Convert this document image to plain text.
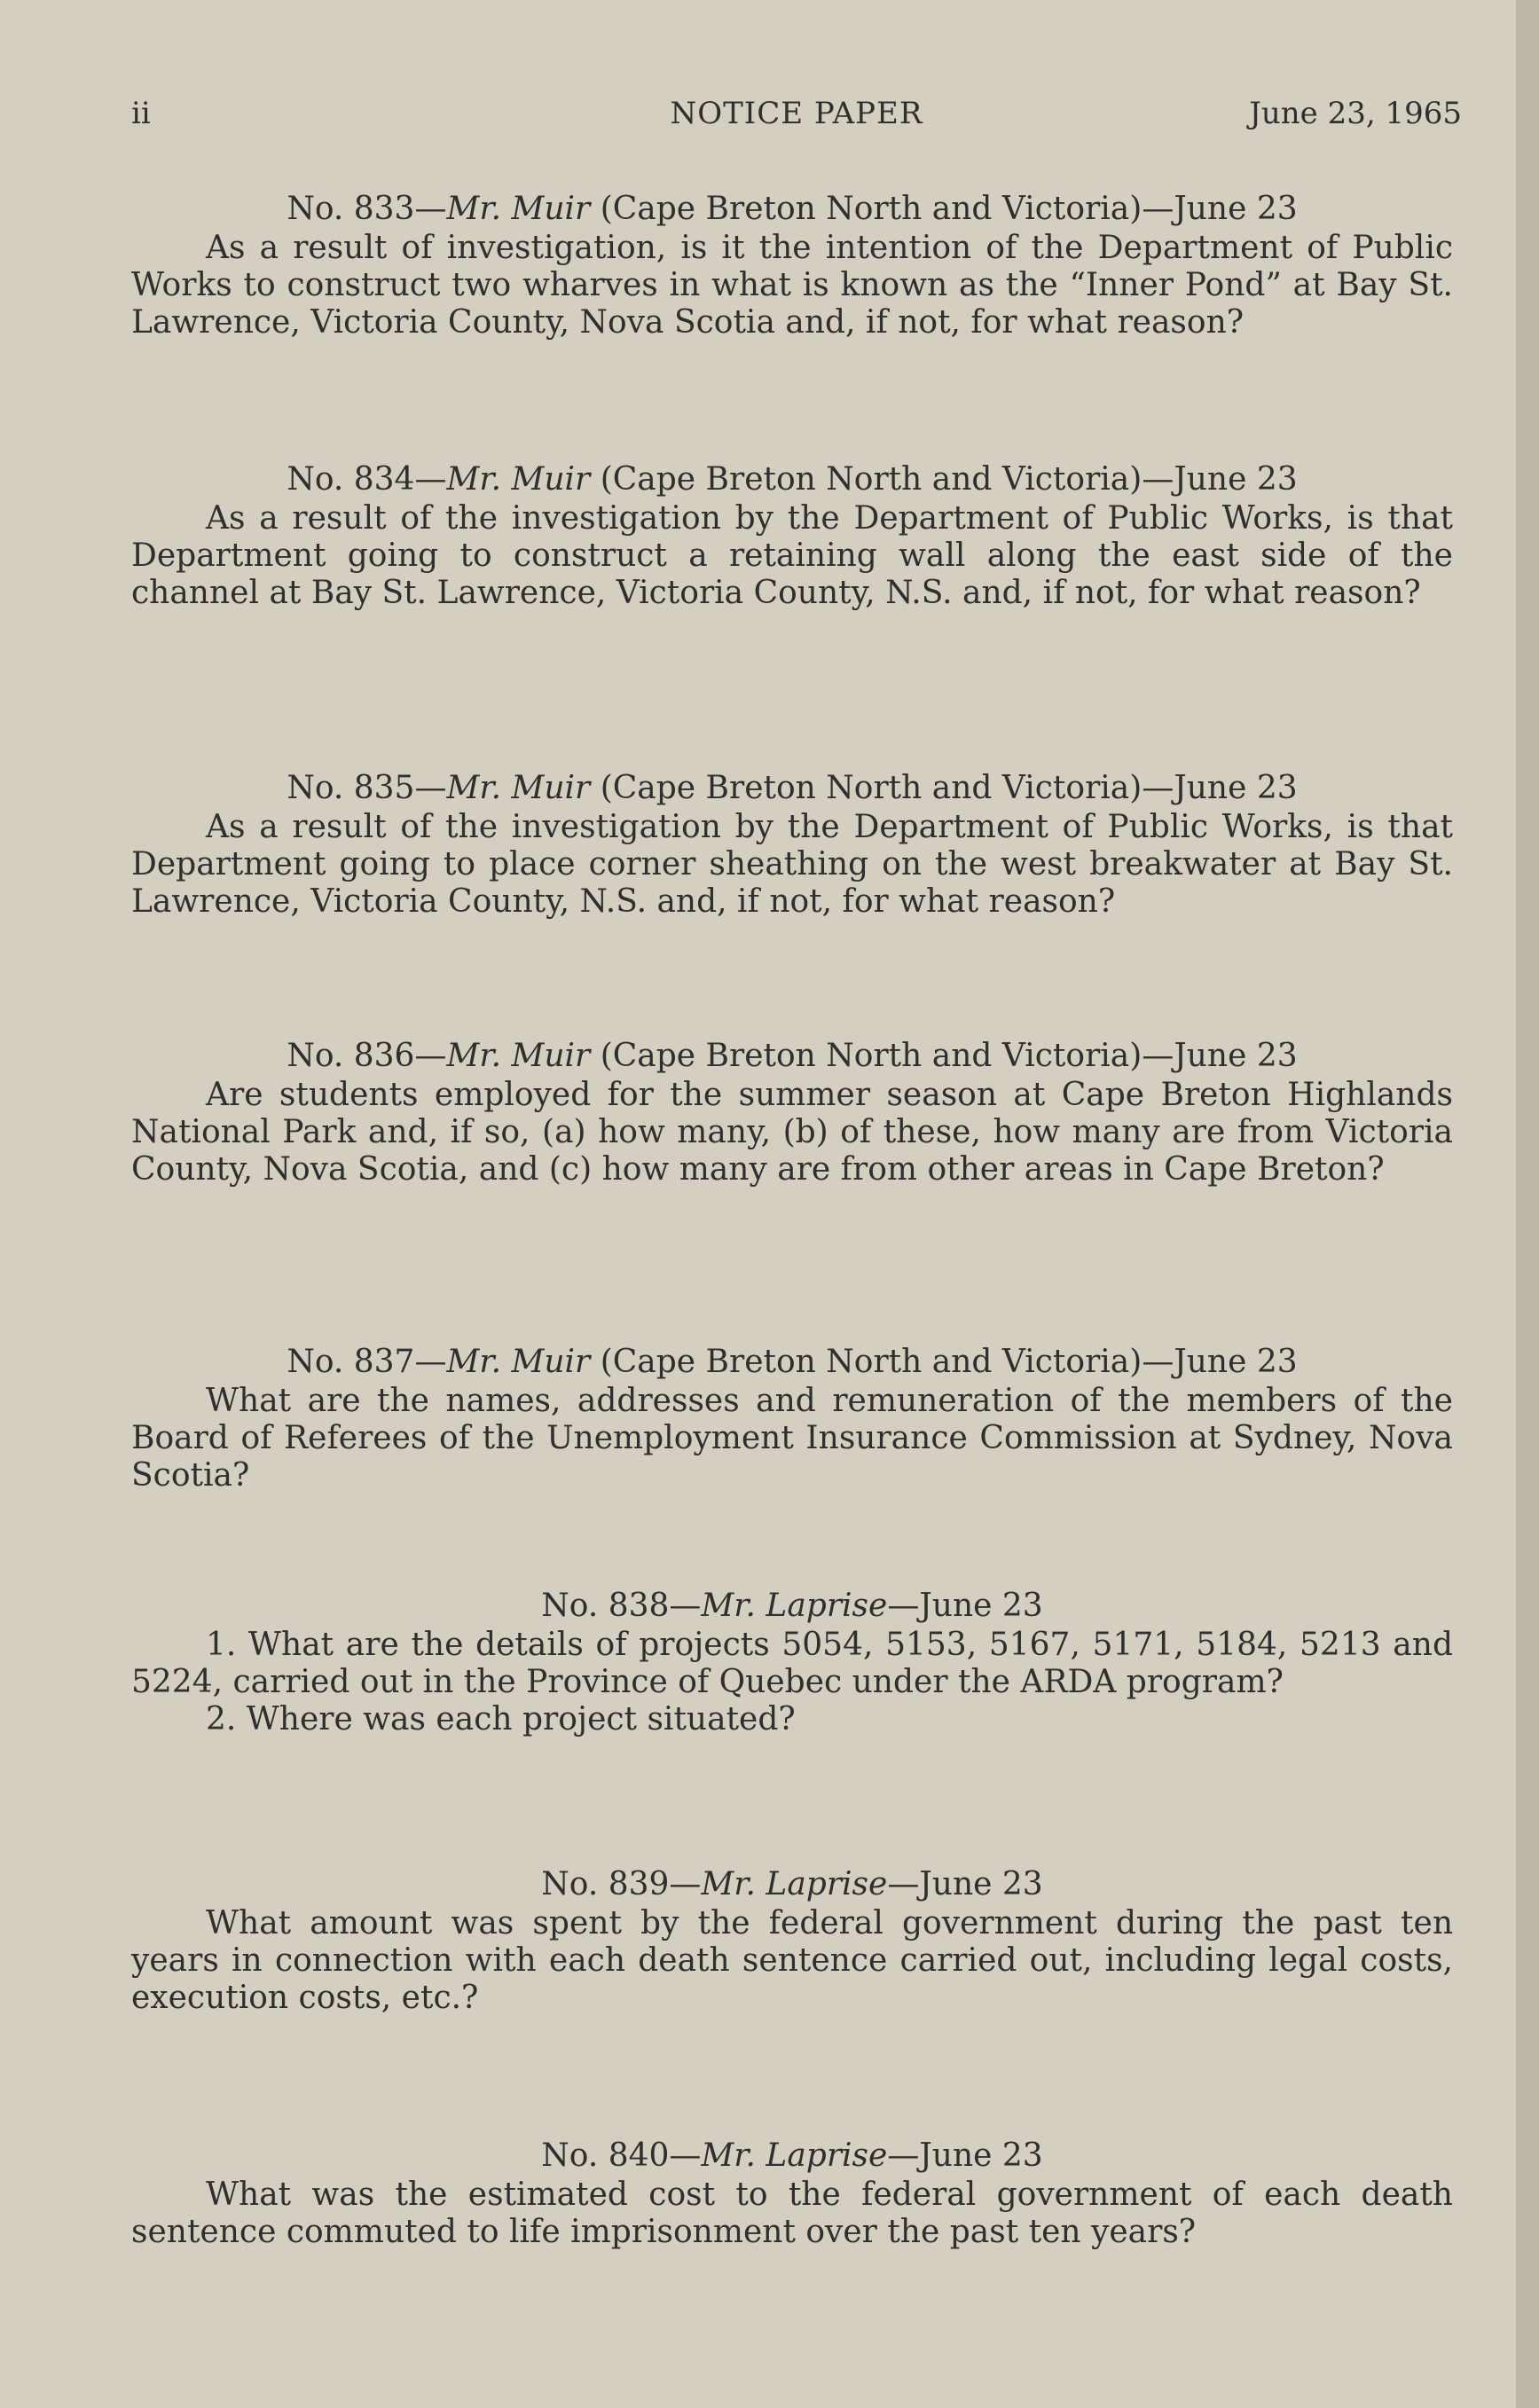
ii	NOTICE PAPER	June 23, 1965
No. 833—Mr. Muir (Cape Breton North and Victoria)—June 23

As a result of investigation, is it the intention of the Department of Public Works to construct two wharves in what is known as the “Inner Pond” at Bay St. Lawrence, Victoria County, Nova Scotia and, if not, for what reason?

No. 834—Mr. Muir (Cape Breton North and Victoria)—June 23

As a result of the investigation by the Department of Public Works, is that Department going to construct a retaining wall along the east side of the channel at Bay St. Lawrence, Victoria County, N.S. and, if not, for what reason?

No. 835—Mr. Muir (Cape Breton North and Victoria)—June 23

As a result of the investigation by the Department of Public Works, is that Department going to place corner sheathing on the west breakwater at Bay St. Lawrence, Victoria County, N.S. and, if not, for what reason?

No. 836—Mr. Muir (Cape Breton North and Victoria)—June 23

Are students employed for the summer season at Cape Breton Highlands National Park and, if so, (a) how many, (b) of these, how many are from Victoria County, Nova Scotia, and (c) how many are from other areas in Cape Breton?

No. 837—Mr. Muir (Cape Breton North and Victoria)—June 23

What are the names, addresses and remuneration of the members of the Board of Referees of the Unemployment Insurance Commission at Sydney, Nova Scotia?

No. 838—Mr. Laprise—June 23

1. What are the details of projects 5054, 5153, 5167, 5171, 5184, 5213 and 5224, carried out in the Province of Quebec under the ARDA program?

2. Where was each project situated?

No. 839—Mr. Laprise—June 23

What amount was spent by the federal government during the past ten years in connection with each death sentence carried out, including legal costs, execution costs, etc.?

No. 840—Mr. Laprise—June 23

What was the estimated cost to the federal government of each death sentence commuted to life imprisonment over the past ten years?
